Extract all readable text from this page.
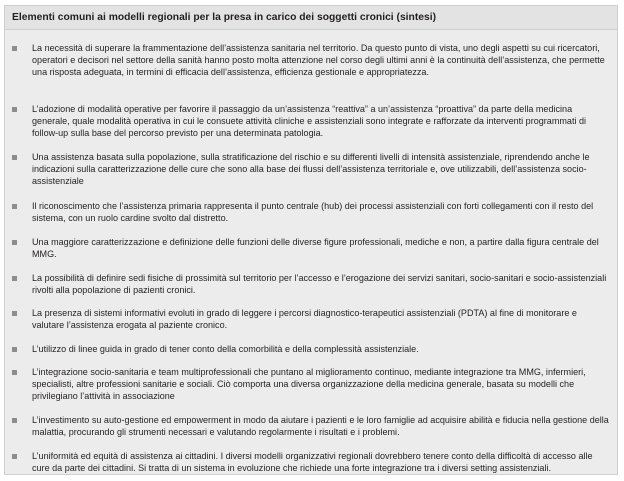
Elementi comuni ai modelli regionali per la presa in carico dei soggetti cronici (sintesi)

La necessità di superare la frammentazione dell’assistenza sanitaria nel territorio. Da questo punto di vista, uno degli aspetti su cui ricercatori, operatori e decisori nel settore della sanità hanno posto molta attenzione nel corso degli ultimi anni è la continuità dell’assistenza, che permette una risposta adeguata, in termini di efficacia dell’assistenza, efficienza gestionale e appropriatezza.

L’adozione di modalità operative per favorire il passaggio da un’assistenza “reattiva” a un’assistenza “proattiva” da parte della medicina generale, quale modalità operativa in cui le consuete attività cliniche e assistenziali sono integrate e rafforzate da interventi programmati di follow-up sulla base del percorso previsto per una determinata patologia.

Una assistenza basata sulla popolazione, sulla stratificazione del rischio e su differenti livelli di intensità assistenziale, riprendendo anche le indicazioni sulla caratterizzazione delle cure che sono alla base dei flussi dell’assistenza territoriale e, ove utilizzabili, dell’assistenza socio-assistenziale

Il riconoscimento che l’assistenza primaria rappresenta il punto centrale (hub) dei processi assistenziali con forti collegamenti con il resto del sistema, con un ruolo cardine svolto dal distretto.

Una maggiore caratterizzazione e definizione delle funzioni delle diverse figure professionali, mediche e non, a partire dalla figura centrale del MMG.

La possibilità di definire sedi fisiche di prossimità sul territorio per l’accesso e l’erogazione dei servizi sanitari, socio-sanitari e socio-assistenziali rivolti alla popolazione di pazienti cronici.

La presenza di sistemi informativi evoluti in grado di leggere i percorsi diagnostico-terapeutici assistenziali (PDTA) al fine di monitorare e valutare l’assistenza erogata al paziente cronico.

L’utilizzo di linee guida in grado di tener conto della comorbilità e della complessità assistenziale.

L’integrazione socio-sanitaria e team multiprofessionali che puntano al miglioramento continuo, mediante integrazione tra MMG, infermieri, specialisti, altre professioni sanitarie e sociali. Ciò comporta una diversa organizzazione della medicina generale, basata su modelli che privilegiano l’attività in associazione

L’investimento su auto-gestione ed empowerment in modo da aiutare i pazienti e le loro famiglie ad acquisire abilità e fiducia nella gestione della malattia, procurando gli strumenti necessari e valutando regolarmente i risultati e i problemi.

L’uniformità ed equità di assistenza ai cittadini. I diversi modelli organizzativi regionali dovrebbero tenere conto della difficoltà di accesso alle cure da parte dei cittadini. Si tratta di un sistema in evoluzione che richiede una forte integrazione tra i diversi setting assistenziali.
